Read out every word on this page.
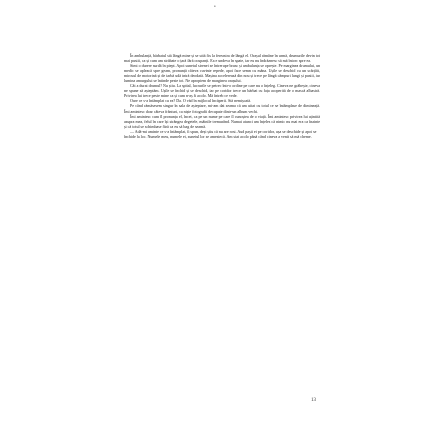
•

În ambulanță, bărbatul stă lângă mine și se uită fix la fereastra de lângă el. Orașul rămâne în urmă, drumurile devin tot mai pustii, ca și cum am străbate o țară fără ocupanți. Ea e undeva în spate, iar eu nu îndrăznesc să mă întorc spre ea.

Simt o durere surdă în piept. Apoi sunetul sirenei se întrerupe brusc și ambulanța se oprește. Pe marginea drumului, un medic se apleacă spre geam, pronunță câteva cuvinte repede, apoi face semn cu mâna. Ușile se deschid cu un scârțâit, mirosul de motorină și de iarbă udă intră deodată. Mașina accelerează din nou și trece pe lângă câmpuri lungi și pustii, iar lumina amurgului se întinde peste tot. Ne apropiem de marginea orașului.

Cât a durat drumul? Nu știu. La spital, lucrurile se petrec într-o ordine pe care nu o înțeleg. Cineva ne grăbește, cineva ne spune să așteptăm. Ușile se închid și se deschid, iar pe coridor trece un bărbat cu fața acoperită de o mască albastră. Privirea lui trece peste mine ca și cum n-aș fi acolo. Mă întreb ce vede.

Oare ce s-a întâmplat cu ea? Da. O văd în mijlocul încăperii. Stă nemișcată.

Pe când rămăsesem singur în sala de așteptare, mi-am dat seama că am uitat cu totul ce se întâmplase de dimineață. Îmi amintesc doar câteva frânturi, ca niște fotografii decupate dintr-un album vechi.

Îmi amintesc cum îl pronunța el, încet, ca pe un nume pe care îl cunoștea de o viață. Îmi amintesc privirea lui ațintită asupra mea, felul în care își strângea degetele, mâinile tremurând. Numai atunci am înțeles că nimic nu mai era ca înainte și că totul se schimbase fără ca eu să bag de seamă.

— Adă-mi aminte ce s-a întâmplat, îi spun, deși știu că nu are rost. Aud pașii ei pe coridor, ușa se deschide și apoi se închide la loc. Numele meu, numele ei, sunetul lor se amestecă. Am stat acolo până când cineva a venit să mă cheme.

13
